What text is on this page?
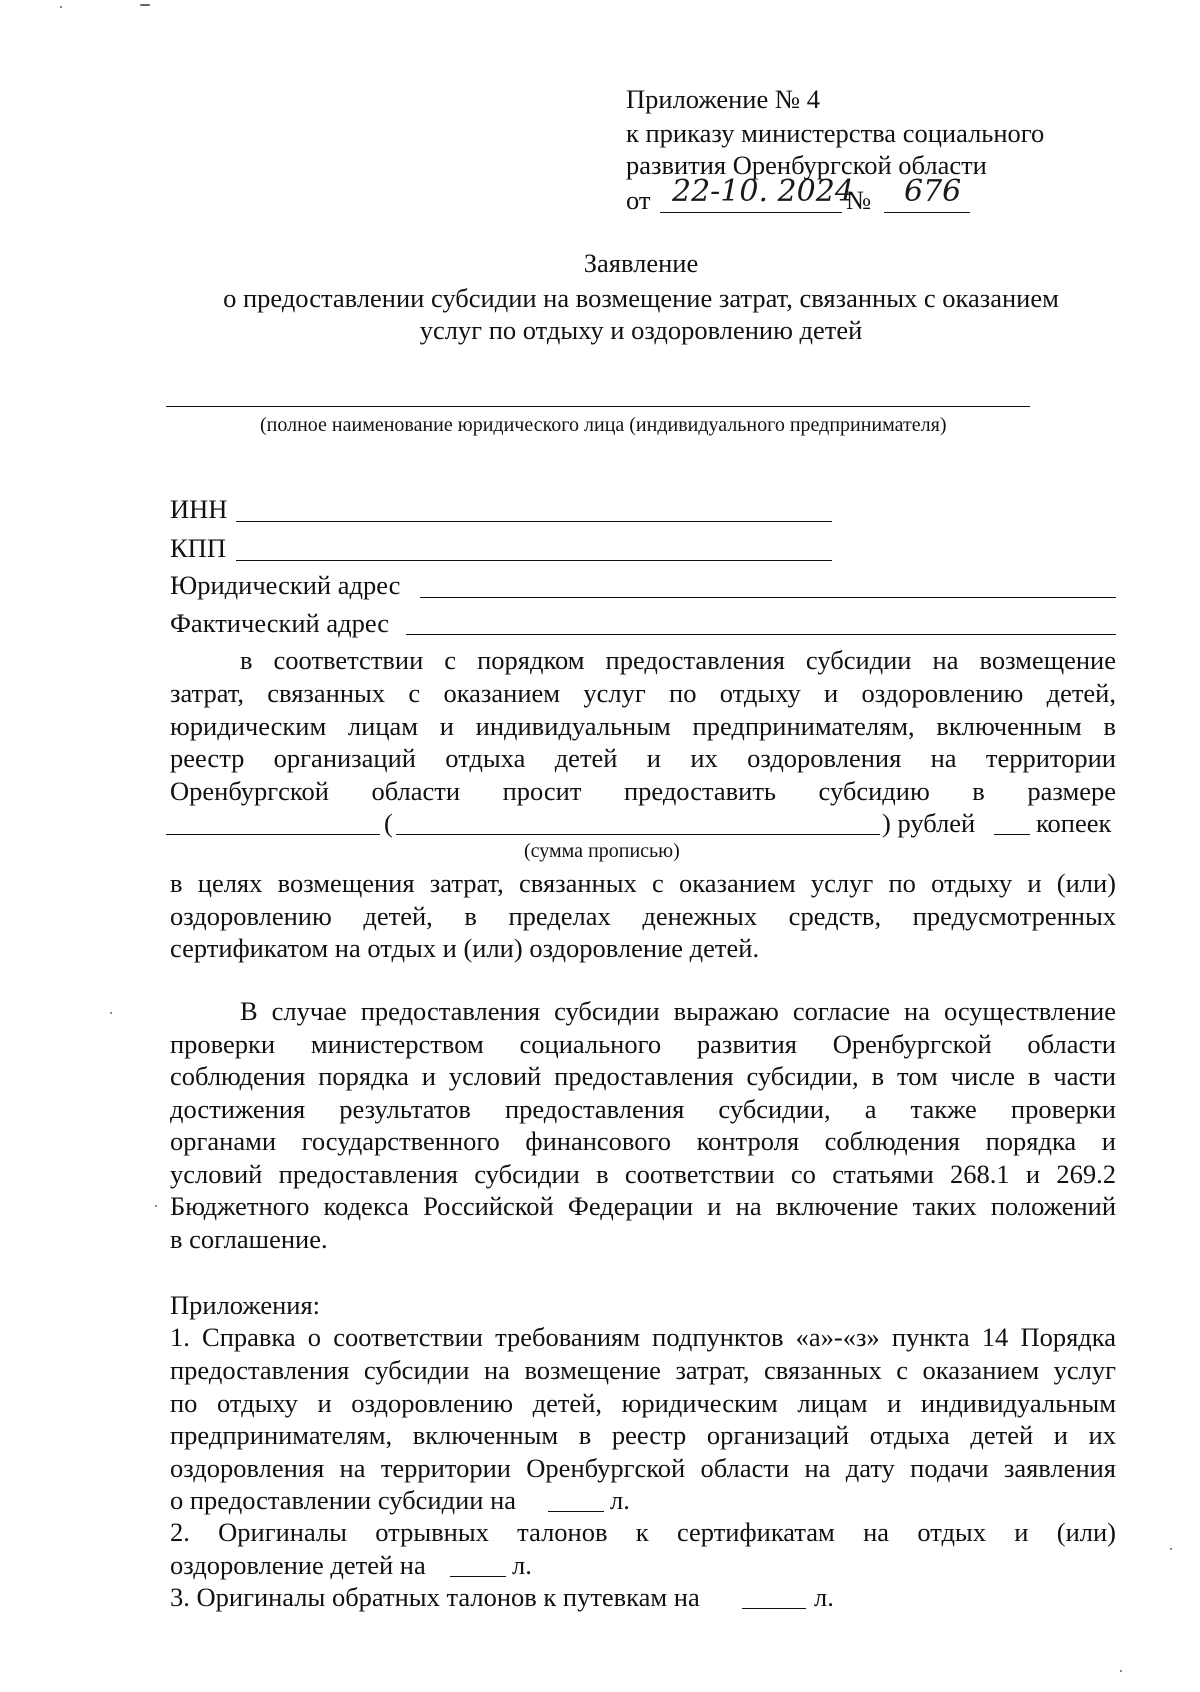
Приложение № 4
к приказу министерства социального
развития Оренбургской области
от 22-10. 2024
№ 676
Заявление
о предоставлении субсидии на возмещение затрат, связанных с оказанием
услуг по отдыху и оздоровлению детей
(полное наименование юридического лица (индивидуального предпринимателя)
ИНН
КПП
Юридический адрес
Фактический адрес
в соответствии с порядком предоставления субсидии на возмещение
затрат, связанных с оказанием услуг по отдыху и оздоровлению детей,
юридическим лицам и индивидуальным предпринимателям, включенным в
реестр организаций отдыха детей и их оздоровления на территории
Оренбургской области просит предоставить субсидию в размере
(	) рублей копеек
(сумма прописью)
в целях возмещения затрат, связанных с оказанием услуг по отдыху и (или)
оздоровлению детей, в пределах денежных средств, предусмотренных
сертификатом на отдых и (или) оздоровление детей.
В случае предоставления субсидии выражаю согласие на осуществление
проверки министерством социального развития Оренбургской области
соблюдения порядка и условий предоставления субсидии, в том числе в части
достижения результатов предоставления субсидии, а также проверки
органами государственного финансового контроля соблюдения порядка и
условий предоставления субсидии в соответствии со статьями 268.1 и 269.2
Бюджетного кодекса Российской Федерации и на включение таких положений
в соглашение.
Приложения:
1. Справка о соответствии требованиям подпунктов «а»-«з» пункта 14 Порядка
предоставления субсидии на возмещение затрат, связанных с оказанием услуг
по отдыху и оздоровлению детей, юридическим лицам и индивидуальным
предпринимателям, включенным в реестр организаций отдыха детей и их
оздоровления на территории Оренбургской области на дату подачи заявления
о предоставлении субсидии на	л.
2. Оригиналы отрывных талонов к сертификатам на отдых и (или)
оздоровление детей на	л.
3. Оригиналы обратных талонов к путевкам на	л.
